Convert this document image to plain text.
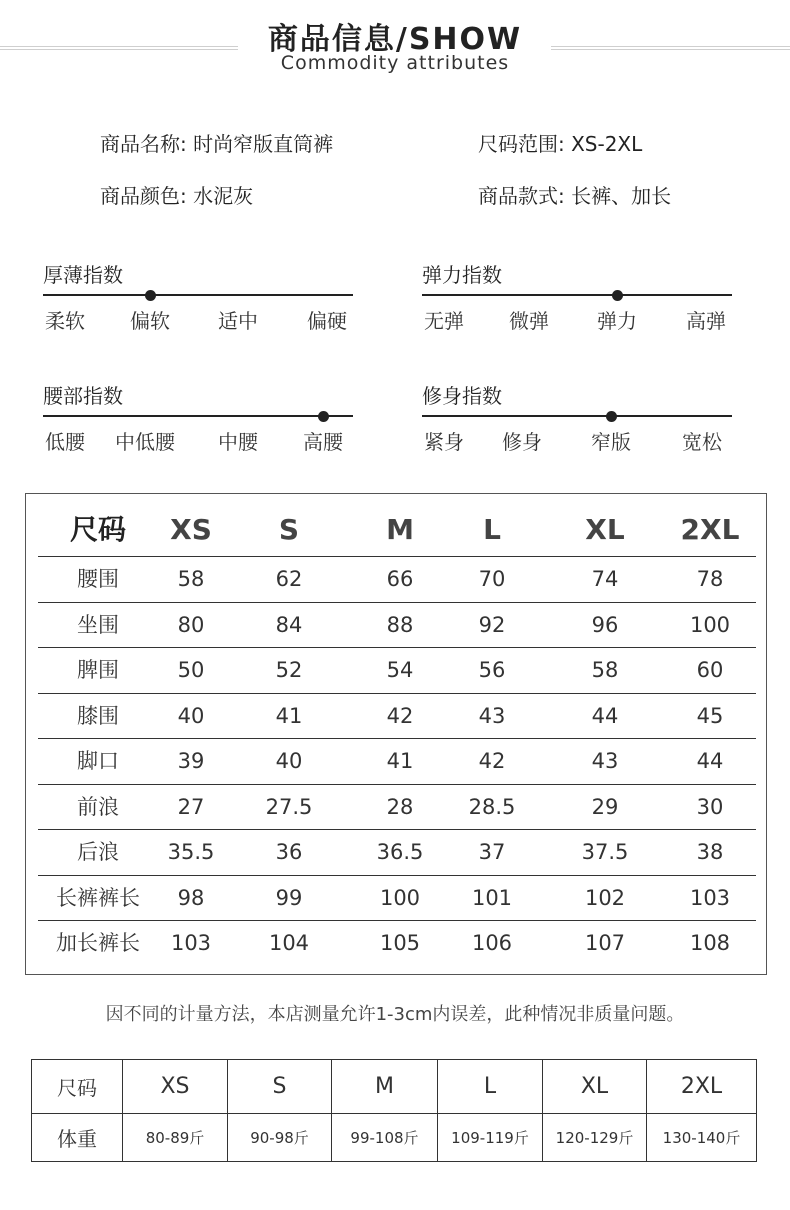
商品信息/SHOW
Commodity attributes
商品名称: 时尚窄版直筒裤	尺码范围: XS-2XL
商品颜色: 水泥灰	商品款式: 长裤、加长
厚薄指数
柔软 偏软 适中 偏硬
弹力指数
无弹 微弹 弹力 高弹
腰部指数
低腰 中低腰 中腰 高腰
修身指数
紧身 修身 窄版	宽松
尺码 XS S	M L	XL 2XL
腰围	58	62	66	70	74	78
坐围	80	84	88	92	96	100
脾围	50	52	54	56	58	60
膝围	40	41	42	43	44	45
脚口	39	40	41	42	43	44
前浪	27	27.5	28	28.5	29	30
后浪 35.5	36	36.5	37	37.5	38
长裤裤长 98	99	100 101	102	103
加长裤长 103	104	105 106	107	108
因不同的计量方法，本店测量允许1-3cm内误差，此种情况非质量问题。
尺码	XS	S	M	L	XL	2XL
体重	80-89斤	90-98斤	99-108斤	109-119斤	120-129斤	130-140斤
